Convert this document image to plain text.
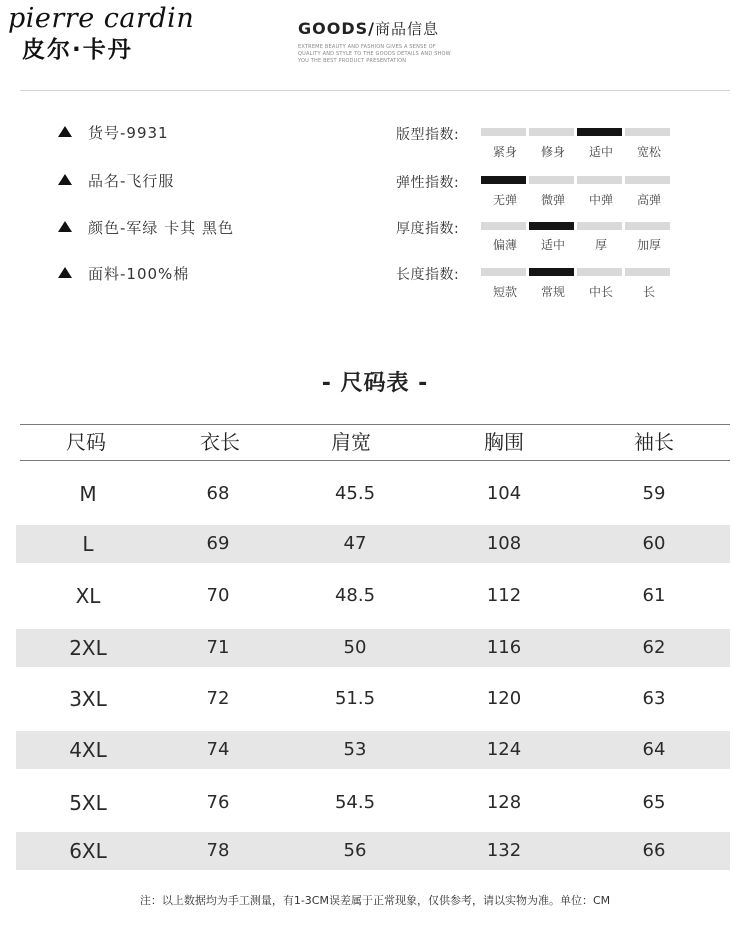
pierre cardin
皮尔·卡丹
GOODS/商品信息
EXTREME BEAUTY AND FASHION GIVES A SENSE OF QUALITY AND STYLE TO THE GOODS DETAILS AND SHOW YOU THE BEST PRODUCT PRESENTATION
货号-9931
品名-飞行服
颜色-军绿 卡其 黑色
面料-100%棉
版型指数:
紧身	修身	适中	宽松
弹性指数:
无弹	微弹	中弹	高弹
厚度指数:
偏薄	适中	厚	加厚
长度指数:
短款	常规	中长	长
- 尺码表 -
尺码	衣长	肩宽	胸围	袖长
M	68	45.5	104	59
L	69	47	108	60
XL	70	48.5	112	61
2XL	71	50	116	62
3XL	72	51.5	120	63
4XL	74	53	124	64
5XL	76	54.5	128	65
6XL	78	56	132	66
注：以上数据均为手工测量，有1-3CM误差属于正常现象，仅供参考，请以实物为准。单位：CM
